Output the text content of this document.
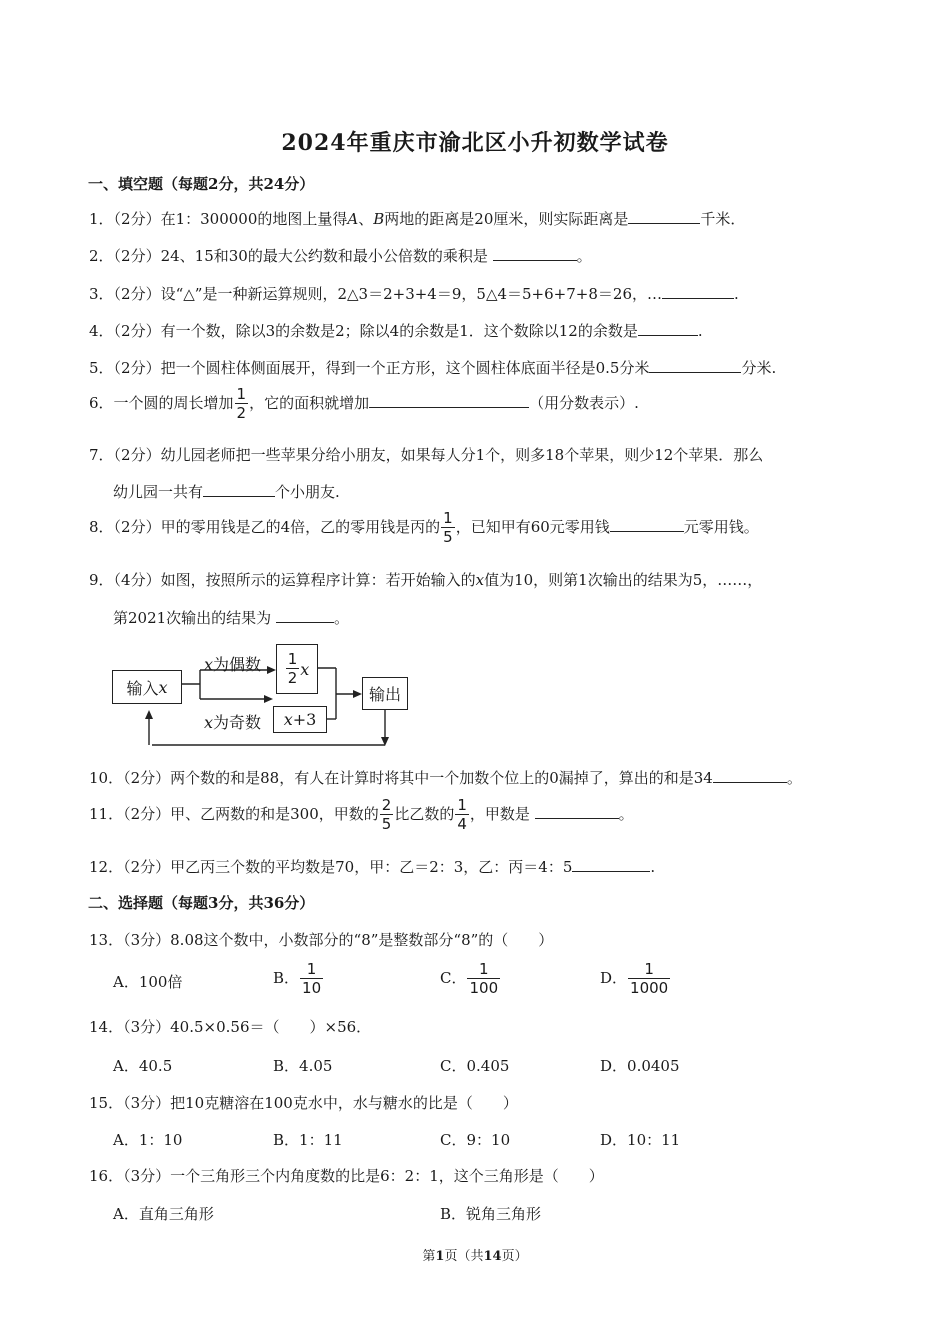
2024年重庆市渝北区小升初数学试卷
一、填空题（每题2分，共24分）
1．（2分）在1：300000的地图上量得A、B两地的距离是20厘米，则实际距离是	千米．
2．（2分）24、15和30的最大公约数和最小公倍数的乘积是	。
3．（2分）设“△”是一种新运算规则，2△3＝2+3+4＝9，5△4＝5+6+7+8＝26，…	.
4．（2分）有一个数，除以3的余数是2；除以4的余数是1．这个数除以12的余数是	.
5．（2分）把一个圆柱体侧面展开，得到一个正方形，这个圆柱体底面半径是0.5分米	分米.
6．一个圆的周长增加 $\frac{1}{2}$ ，它的面积就增加	（用分数表示）.
7．（2分）幼儿园老师把一些苹果分给小朋友，如果每人分1个，则多18个苹果，则少12个苹果．那么
幼儿园一共有	个小朋友.
8．（2分）甲的零用钱是乙的4倍，乙的零用钱是丙的 $\frac{1}{5}$ ，已知甲有60元零用钱	元零用钱。
9．（4分）如图，按照所示的运算程序计算：若开始输入的x值为10，则第1次输出的结果为5，……，
第2021次输出的结果为	。
输入 x
x为偶数
x为奇数
$\frac{1}{2}$ x
x +3
输出
10．（2分）两个数的和是88，有人在计算时将其中一个加数个位上的0漏掉了，算出的和是34	。
11．（2分）甲、乙两数的和是300，甲数的 $\frac{2}{5}$ 比乙数的 $\frac{1}{4}$ ，甲数是	。
12．（2分）甲乙丙三个数的平均数是70，甲：乙＝2：3，乙：丙＝4：5	.
二、选择题（每题3分，共36分）
13．（3分）8.08这个数中，小数部分的“8”是整数部分“8”的（　　）
A．100倍	B． $\frac{1}{10}$	C． $\frac{1}{100}$	D． $\frac{1}{1000}$
14．（3分）40.5×0.56＝（　　）×56．
A．40.5	B．4.05	C．0.405	D．0.0405
15．（3分）把10克糖溶在100克水中，水与糖水的比是（　　）
A．1：10	B．1：11	C．9：10	D．10：11
16．（3分）一个三角形三个内角度数的比是6：2：1，这个三角形是（　　）
A．直角三角形	B．锐角三角形
第1页（共14页）
